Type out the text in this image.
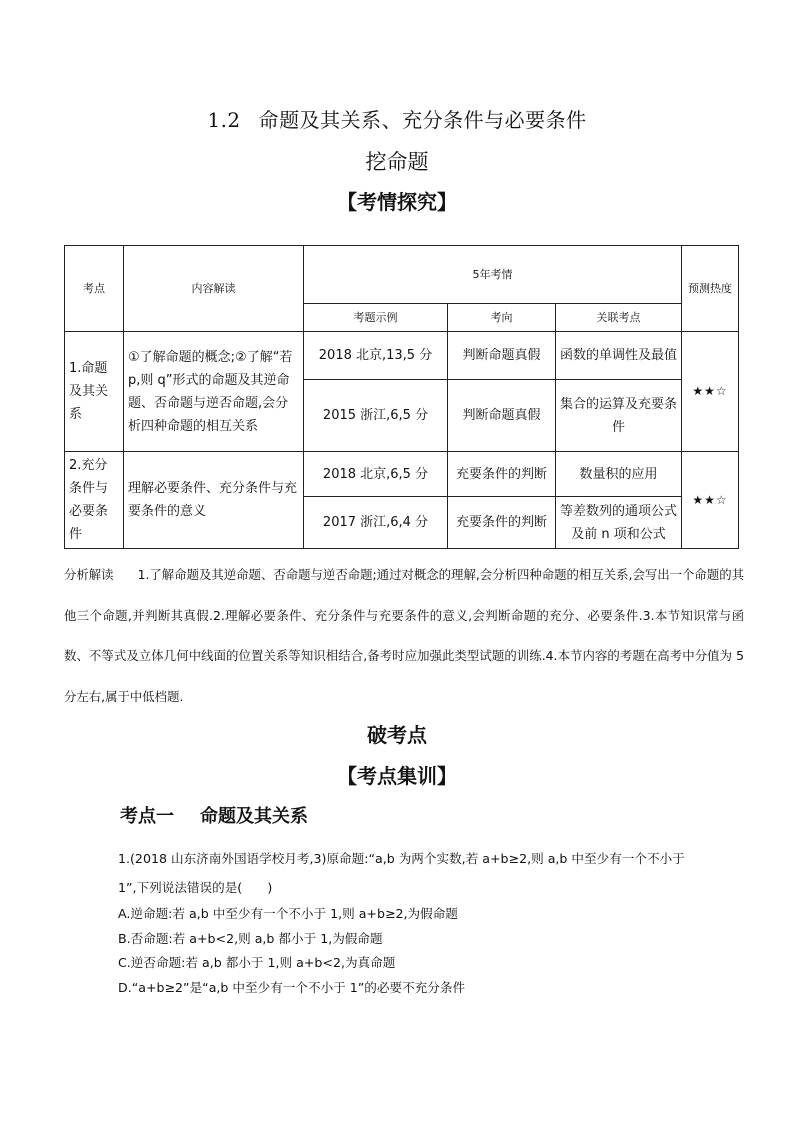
1.2 命题及其关系、充分条件与必要条件
挖命题
【考情探究】
考点	内容解读	5年考情			预测热度
		考题示例	考向	关联考点	
1.命题及其关系	①了解命题的概念;②了解“若 p,则 q”形式的命题及其逆命题、否命题与逆否命题,会分析四种命题的相互关系	2018 北京,13,5 分	判断命题真假	函数的单调性及最值	★★☆
		2015 浙江,6,5 分	判断命题真假	集合的运算及充要条件	
2.充分条件与必要条件	理解必要条件、充分条件与充要条件的意义	2018 北京,6,5 分	充要条件的判断	数量积的应用	★★☆
		2017 浙江,6,4 分	充要条件的判断	等差数列的通项公式及前 n 项和公式	
分析解读 1.了解命题及其逆命题、否命题与逆否命题;通过对概念的理解,会分析四种命题的相互关系,会写出一个命题的其他三个命题,并判断其真假.2.理解必要条件、充分条件与充要条件的意义,会判断命题的充分、必要条件.3.本节知识常与函数、不等式及立体几何中线面的位置关系等知识相结合,备考时应加强此类型试题的训练.4.本节内容的考题在高考中分值为 5 分左右,属于中低档题.
破考点
【考点集训】
考点一 命题及其关系
1.(2018 山东济南外国语学校月考,3)原命题:“a,b 为两个实数,若 a+b≥2,则 a,b 中至少有一个不小于 1”,下列说法错误的是(　　)
A.逆命题:若 a,b 中至少有一个不小于 1,则 a+b≥2,为假命题
B.否命题:若 a+b<2,则 a,b 都小于 1,为假命题
C.逆否命题:若 a,b 都小于 1,则 a+b<2,为真命题
D.“a+b≥2”是“a,b 中至少有一个不小于 1”的必要不充分条件
